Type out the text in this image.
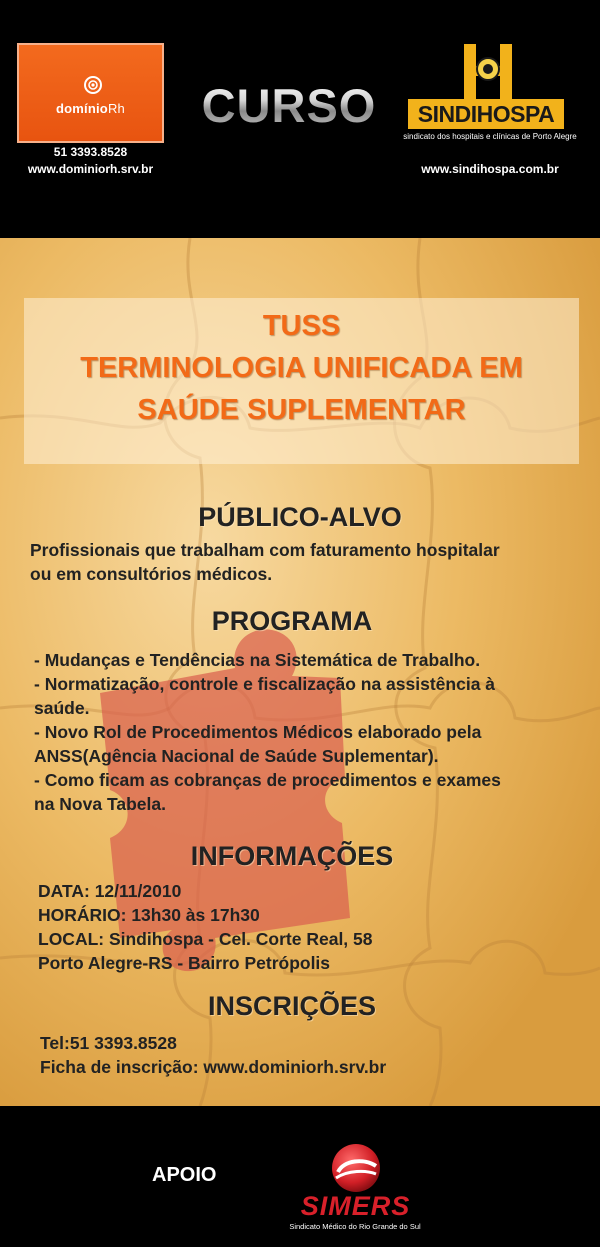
domínioRh
51 3393.8528
www.dominiorh.srv.br
CURSO	SINDIHOSPA
sindicato dos hospitais e clínicas de Porto Alegre
www.sindihospa.com.br
TUSS
TERMINOLOGIA UNIFICADA EM
SAÚDE SUPLEMENTAR
PÚBLICO-ALVO
Profissionais que trabalham com faturamento hospitalar
ou em consultórios médicos.
PROGRAMA
- Mudanças e Tendências na Sistemática de Trabalho.
- Normatização, controle e fiscalização na assistência à
saúde.
- Novo Rol de Procedimentos Médicos elaborado pela
ANSS(Agência Nacional de Saúde Suplementar).
- Como ficam as cobranças de procedimentos e exames
na Nova Tabela.
INFORMAÇÕES
DATA: 12/11/2010
HORÁRIO: 13h30 às 17h30
LOCAL: Sindihospa - Cel. Corte Real, 58
Porto Alegre-RS - Bairro Petrópolis
INSCRIÇÕES
Tel:51 3393.8528
Ficha de inscrição: www.dominiorh.srv.br
APOIO
SIMERS
Sindicato Médico do Rio Grande do Sul
